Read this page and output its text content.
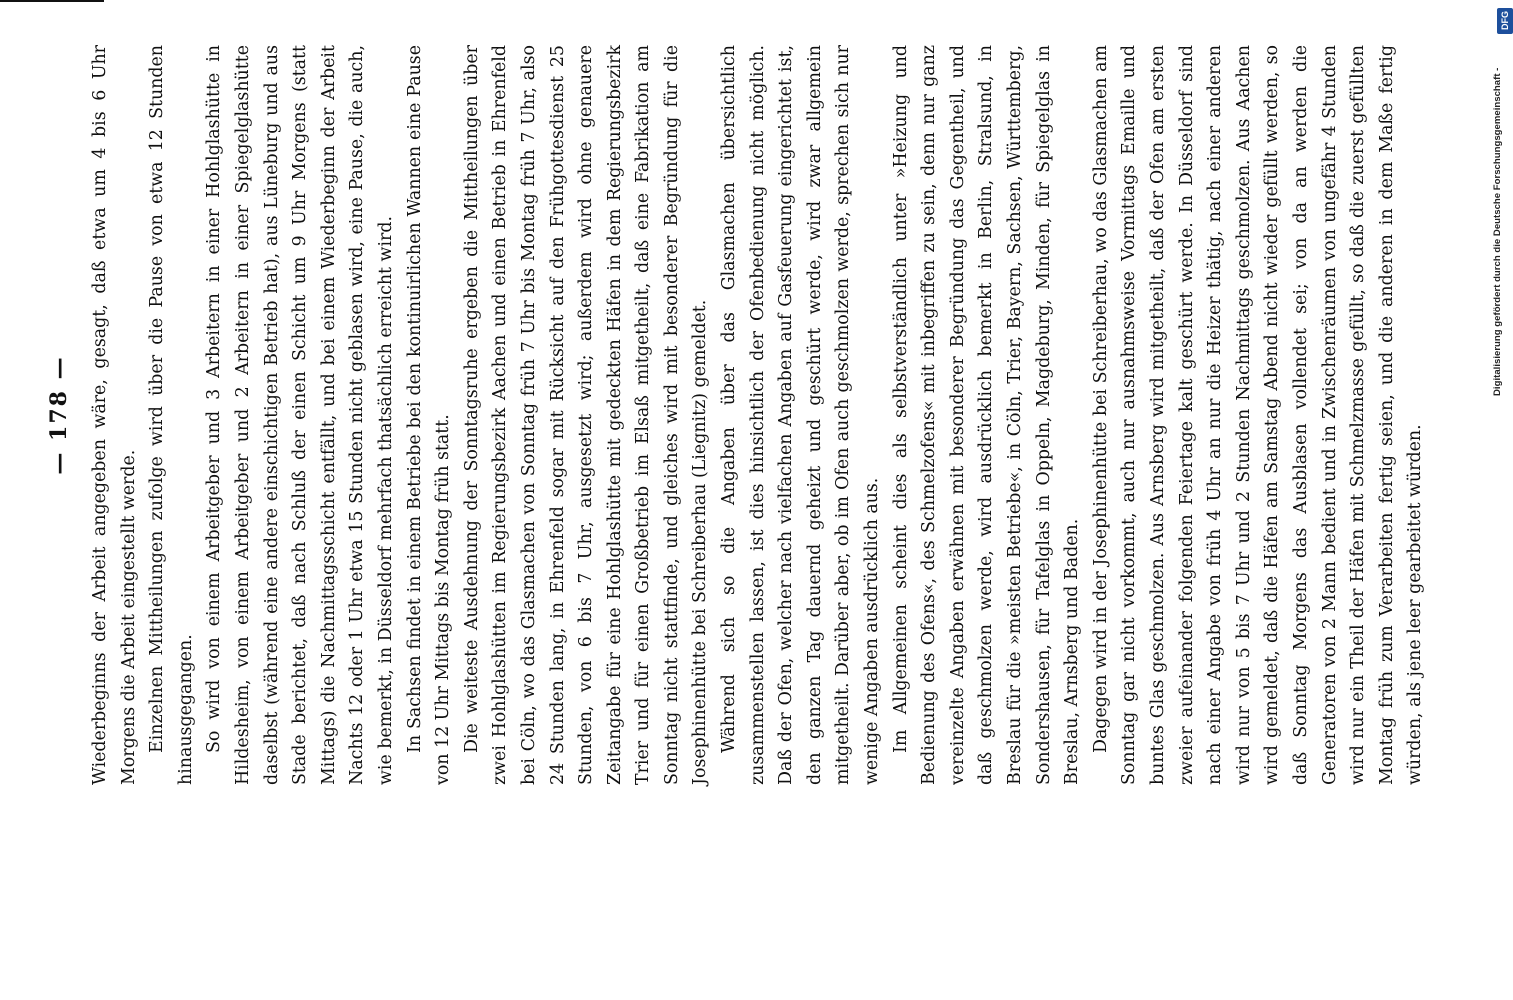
— 178 — Wiederbeginns der Arbeit angegeben wäre, gesagt, daß etwa um 4 bis 6 Uhr Morgens die Arbeit eingestellt werde. Einzelnen Mittheilungen zufolge wird über die Pause von etwa 12 Stunden hinausgegangen. So wird von einem Arbeitgeber und 3 Arbeitern in einer Hohlglashütte in Hildesheim, von einem Arbeitgeber und 2 Arbeitern in einer Spiegelglashütte daselbst (während eine andere einschichtigen Betrieb hat), aus Lüneburg und aus Stade berichtet, daß nach Schluß der einen Schicht um 9 Uhr Morgens (statt Mittags) die Nachmittagsschicht entfällt, und bei einem Wiederbeginn der Arbeit Nachts 12 oder 1 Uhr etwa 15 Stunden nicht geblasen wird, eine Pause, die auch, wie bemerkt, in Düsseldorf mehrfach thatsächlich erreicht wird. In Sachsen findet in einem Betriebe bei den kontinuirlichen Wannen eine Pause von 12 Uhr Mittags bis Montag früh statt. Die weiteste Ausdehnung der Sonntagsruhe ergeben die Mittheilungen über zwei Hohlglashütten im Regierungsbezirk Aachen und einen Betrieb in Ehrenfeld bei Cöln, wo das Glasmachen von Sonntag früh 7 Uhr bis Montag früh 7 Uhr, also 24 Stunden lang, in Ehrenfeld sogar mit Rücksicht auf den Frühgottesdienst 25 Stunden, von 6 bis 7 Uhr, ausgesetzt wird; außerdem wird ohne genauere Zeitangabe für eine Hohlglashütte mit gedeckten Häfen in dem Regierungsbezirk Trier und für einen Großbetrieb im Elsaß mitgetheilt, daß eine Fabrikation am Sonntag nicht stattfinde, und gleiches wird mit besonderer Begründung für die Josephinenhütte bei Schreiberhau (Liegnitz) gemeldet. Während sich so die Angaben über das Glasmachen übersichtlich zusammenstellen lassen, ist dies hinsichtlich der Ofenbedienung nicht möglich. Daß der Ofen, welcher nach vielfachen Angaben auf Gasfeuerung eingerichtet ist, den ganzen Tag dauernd geheizt und geschürt werde, wird zwar allgemein mitgetheilt. Darüber aber, ob im Ofen auch geschmolzen werde, sprechen sich nur wenige Angaben ausdrücklich aus. Im Allgemeinen scheint dies als selbstverständlich unter »Heizung und Bedienung des Ofens«, des Schmelzofens« mit inbegriffen zu sein, denn nur ganz vereinzelte Angaben erwähnen mit besonderer Begründung das Gegentheil, und daß geschmolzen werde, wird ausdrücklich bemerkt in Berlin, Stralsund, in Breslau für die »meisten Betriebe«, in Cöln, Trier, Bayern, Sachsen, Württemberg, Sondershausen, für Tafelglas in Oppeln, Magdeburg, Minden, für Spiegelglas in Breslau, Arnsberg und Baden. Dagegen wird in der Josephinenhütte bei Schreiberhau, wo das Glasmachen am Sonntag gar nicht vorkommt, auch nur ausnahmsweise Vormittags Emaille und buntes Glas geschmolzen. Aus Arnsberg wird mitgetheilt, daß der Ofen am ersten zweier aufeinander folgenden Feiertage kalt geschürt werde. In Düsseldorf sind nach einer Angabe von früh 4 Uhr an nur die Heizer thätig, nach einer anderen wird nur von 5 bis 7 Uhr und 2 Stunden Nachmittags geschmolzen. Aus Aachen wird gemeldet, daß die Häfen am Samstag Abend nicht wieder gefüllt werden, so daß Sonntag Morgens das Ausblasen vollendet sei; von da an werden die Generatoren von 2 Mann bedient und in Zwischenräumen von ungefähr 4 Stunden wird nur ein Theil der Häfen mit Schmelzmasse gefüllt, so daß die zuerst gefüllten Montag früh zum Verarbeiten fertig seien, und die anderen in dem Maße fertig würden, als jene leer gearbeitet würden.

DFG
Digitalisierung gefördert durch die Deutsche Forschungsgemeinschaft -
